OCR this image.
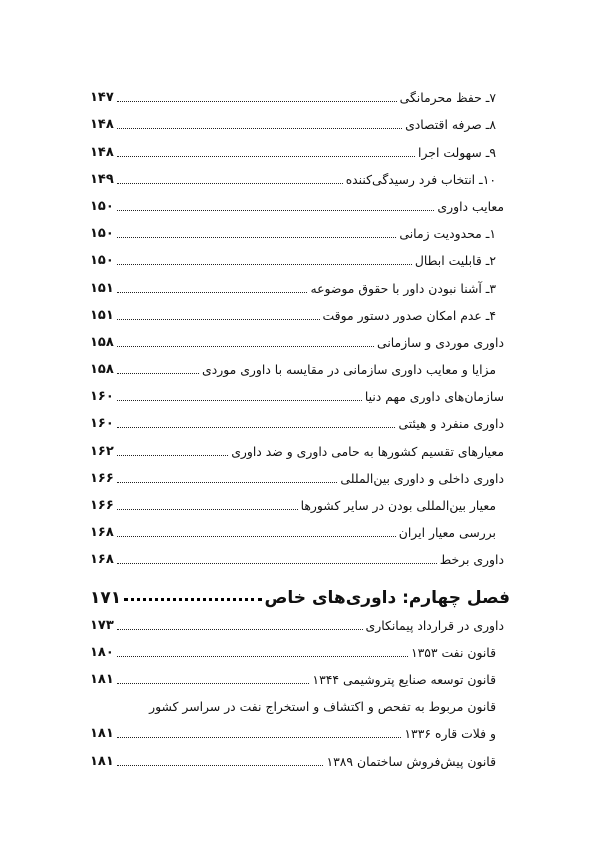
۷ـ حفظ محرمانگی
۱۴۷
۸ـ صرفه اقتصادی
۱۴۸
۹ـ سهولت اجرا
۱۴۸
۱۰ـ انتخاب فرد رسیدگی‌کننده
۱۴۹
معایب داوری
۱۵۰
۱ـ محدودیت زمانی
۱۵۰
۲ـ قابلیت ابطال
۱۵۰
۳ـ آشنا نبودن داور با حقوق موضوعه
۱۵۱
۴ـ عدم امکان صدور دستور موقت
۱۵۱
داوری موردی و سازمانی
۱۵۸
مزایا و معایب داوری سازمانی در مقایسه با داوری موردی
۱۵۸
سازمان‌های داوری مهم دنیا
۱۶۰
داوری منفرد و هیئتی
۱۶۰
معیارهای تقسیم کشورها به حامی داوری و ضد داوری
۱۶۲
داوری داخلی و داوری بین‌المللی
۱۶۶
معیار بین‌المللی بودن در سایر کشورها
۱۶۶
بررسی معیار ایران
۱۶۸
داوری برخط
۱۶۸
فصل چهارم: داوری‌های خاص
۱۷۱
داوری در قرارداد پیمانکاری
۱۷۳
قانون نفت ۱۳۵۳
۱۸۰
قانون توسعه صنایع پتروشیمی ۱۳۴۴
۱۸۱
قانون مربوط به تفحص و اکتشاف و استخراج نفت در سراسر کشور
و فلات قاره ۱۳۳۶
۱۸۱
قانون پیش‌فروش ساختمان ۱۳۸۹
۱۸۱
